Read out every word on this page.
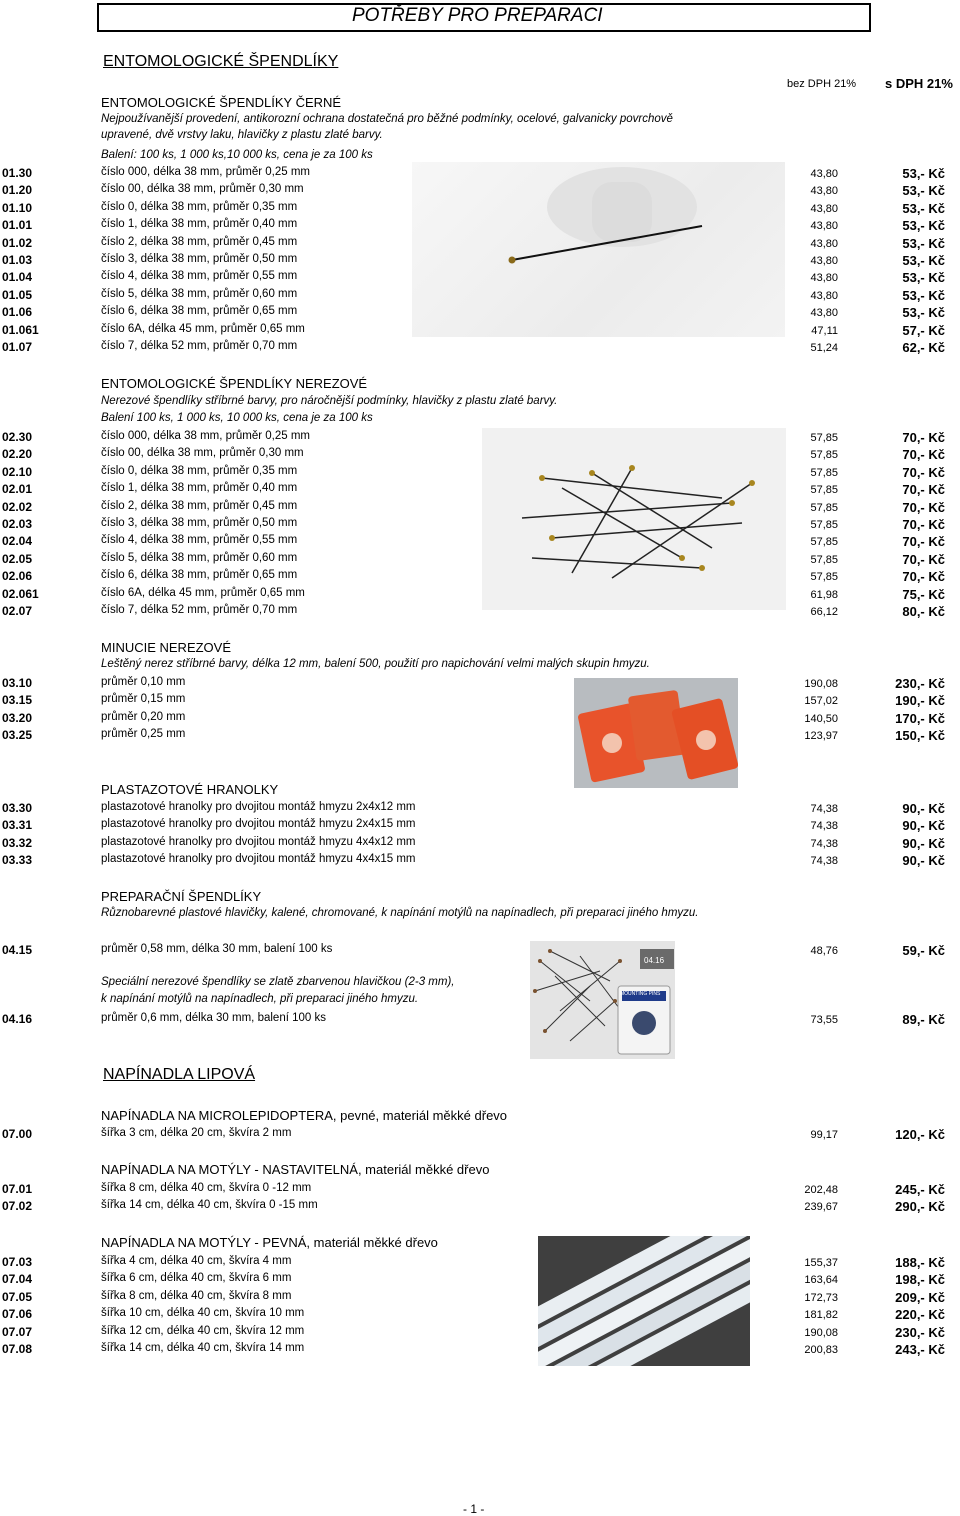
POTŘEBY PRO PREPARACI
bez DPH 21% s DPH 21%
ENTOMOLOGICKÉ ŠPENDLÍKY
ENTOMOLOGICKÉ ŠPENDLÍKY ČERNÉ
Nejpoužívanější provedení, antikorozní ochrana dostatečná pro běžné podmínky, ocelové, galvanicky povrchově
upravené, dvě vrstvy laku, hlavičky z plastu zlaté barvy.
Balení: 100 ks, 1 000 ks,10 000 ks, cena je za 100 ks
01.30	číslo 000, délka 38 mm, průměr 0,25 mm	43,80	53,- Kč
01.20	číslo 00, délka 38 mm, průměr 0,30 mm	43,80	53,- Kč
01.10	číslo 0, délka 38 mm, průměr 0,35 mm	43,80	53,- Kč
01.01	číslo 1, délka 38 mm, průměr 0,40 mm	43,80	53,- Kč
01.02	číslo 2, délka 38 mm, průměr 0,45 mm	43,80	53,- Kč
01.03	číslo 3, délka 38 mm, průměr 0,50 mm	43,80	53,- Kč
01.04	číslo 4, délka 38 mm, průměr 0,55 mm	43,80	53,- Kč
01.05	číslo 5, délka 38 mm, průměr 0,60 mm	43,80	53,- Kč
01.06	číslo 6, délka 38 mm, průměr 0,65 mm	43,80	53,- Kč
01.061	číslo 6A, délka 45 mm, průměr 0,65 mm	47,11	57,- Kč
01.07	číslo 7, délka 52 mm, průměr 0,70 mm	51,24	62,- Kč
ENTOMOLOGICKÉ ŠPENDLÍKY NEREZOVÉ
Nerezové špendlíky stříbrné barvy, pro náročnější podmínky, hlavičky z plastu zlaté barvy.
Balení 100 ks, 1 000 ks, 10 000 ks, cena je za 100 ks
02.30	číslo 000, délka 38 mm, průměr 0,25 mm	57,85	70,- Kč
02.20	číslo 00, délka 38 mm, průměr 0,30 mm	57,85	70,- Kč
02.10	číslo 0, délka 38 mm, průměr 0,35 mm	57,85	70,- Kč
02.01	číslo 1, délka 38 mm, průměr 0,40 mm	57,85	70,- Kč
02.02	číslo 2, délka 38 mm, průměr 0,45 mm	57,85	70,- Kč
02.03	číslo 3, délka 38 mm, průměr 0,50 mm	57,85	70,- Kč
02.04	číslo 4, délka 38 mm, průměr 0,55 mm	57,85	70,- Kč
02.05	číslo 5, délka 38 mm, průměr 0,60 mm	57,85	70,- Kč
02.06	číslo 6, délka 38 mm, průměr 0,65 mm	57,85	70,- Kč
02.061	číslo 6A, délka 45 mm, průměr 0,65 mm	61,98	75,- Kč
02.07	číslo 7, délka 52 mm, průměr 0,70 mm	66,12	80,- Kč
MINUCIE NEREZOVÉ
Leštěný nerez stříbrné barvy, délka 12 mm, balení 500, použití pro napichování velmi malých skupin hmyzu.
03.10	průměr 0,10 mm	190,08	230,- Kč
03.15	průměr 0,15 mm	157,02	190,- Kč
03.20	průměr 0,20 mm	140,50	170,- Kč
03.25	průměr 0,25 mm	123,97	150,- Kč
PLASTAZOTOVÉ HRANOLKY
03.30	plastazotové hranolky pro dvojitou montáž hmyzu 2x4x12 mm	74,38	90,- Kč
03.31	plastazotové hranolky pro dvojitou montáž hmyzu 2x4x15 mm	74,38	90,- Kč
03.32	plastazotové hranolky pro dvojitou montáž hmyzu 4x4x12 mm	74,38	90,- Kč
03.33	plastazotové hranolky pro dvojitou montáž hmyzu 4x4x15 mm	74,38	90,- Kč
PREPARAČNÍ ŠPENDLÍKY
Různobarevné plastové hlavičky, kalené, chromované, k napínání motýlů na napínadlech, při preparaci jiného hmyzu.
Speciální nerezové špendlíky se zlatě zbarvenou hlavičkou (2-3 mm),
k napínání motýlů na napínadlech, při preparaci jiného hmyzu.
04.16
MOUNTING PINS
04.15	průměr 0,58 mm, délka 30 mm, balení 100 ks	48,76	59,- Kč
04.16	průměr 0,6 mm, délka 30 mm, balení 100 ks	73,55	89,- Kč
NAPÍNADLA LIPOVÁ
NAPÍNADLA NA MICROLEPIDOPTERA, pevné, materiál měkké dřevo
07.00	šířka 3 cm, délka 20 cm, škvíra 2 mm	99,17	120,- Kč
NAPÍNADLA NA MOTÝLY - NASTAVITELNÁ, materiál měkké dřevo
07.01	šířka 8 cm, délka 40 cm, škvíra 0 -12 mm	202,48	245,- Kč
07.02	šířka 14 cm, délka 40 cm, škvíra 0 -15 mm	239,67	290,- Kč
NAPÍNADLA NA MOTÝLY - PEVNÁ, materiál měkké dřevo
07.03	šířka 4 cm, délka 40 cm, škvíra 4 mm	155,37	188,- Kč
07.04	šířka 6 cm, délka 40 cm, škvíra 6 mm	163,64	198,- Kč
07.05	šířka 8 cm, délka 40 cm, škvíra 8 mm	172,73	209,- Kč
07.06	šířka 10 cm, délka 40 cm, škvíra 10 mm	181,82	220,- Kč
07.07	šířka 12 cm, délka 40 cm, škvíra 12 mm	190,08	230,- Kč
07.08	šířka 14 cm, délka 40 cm, škvíra 14 mm	200,83	243,- Kč
- 1 -
